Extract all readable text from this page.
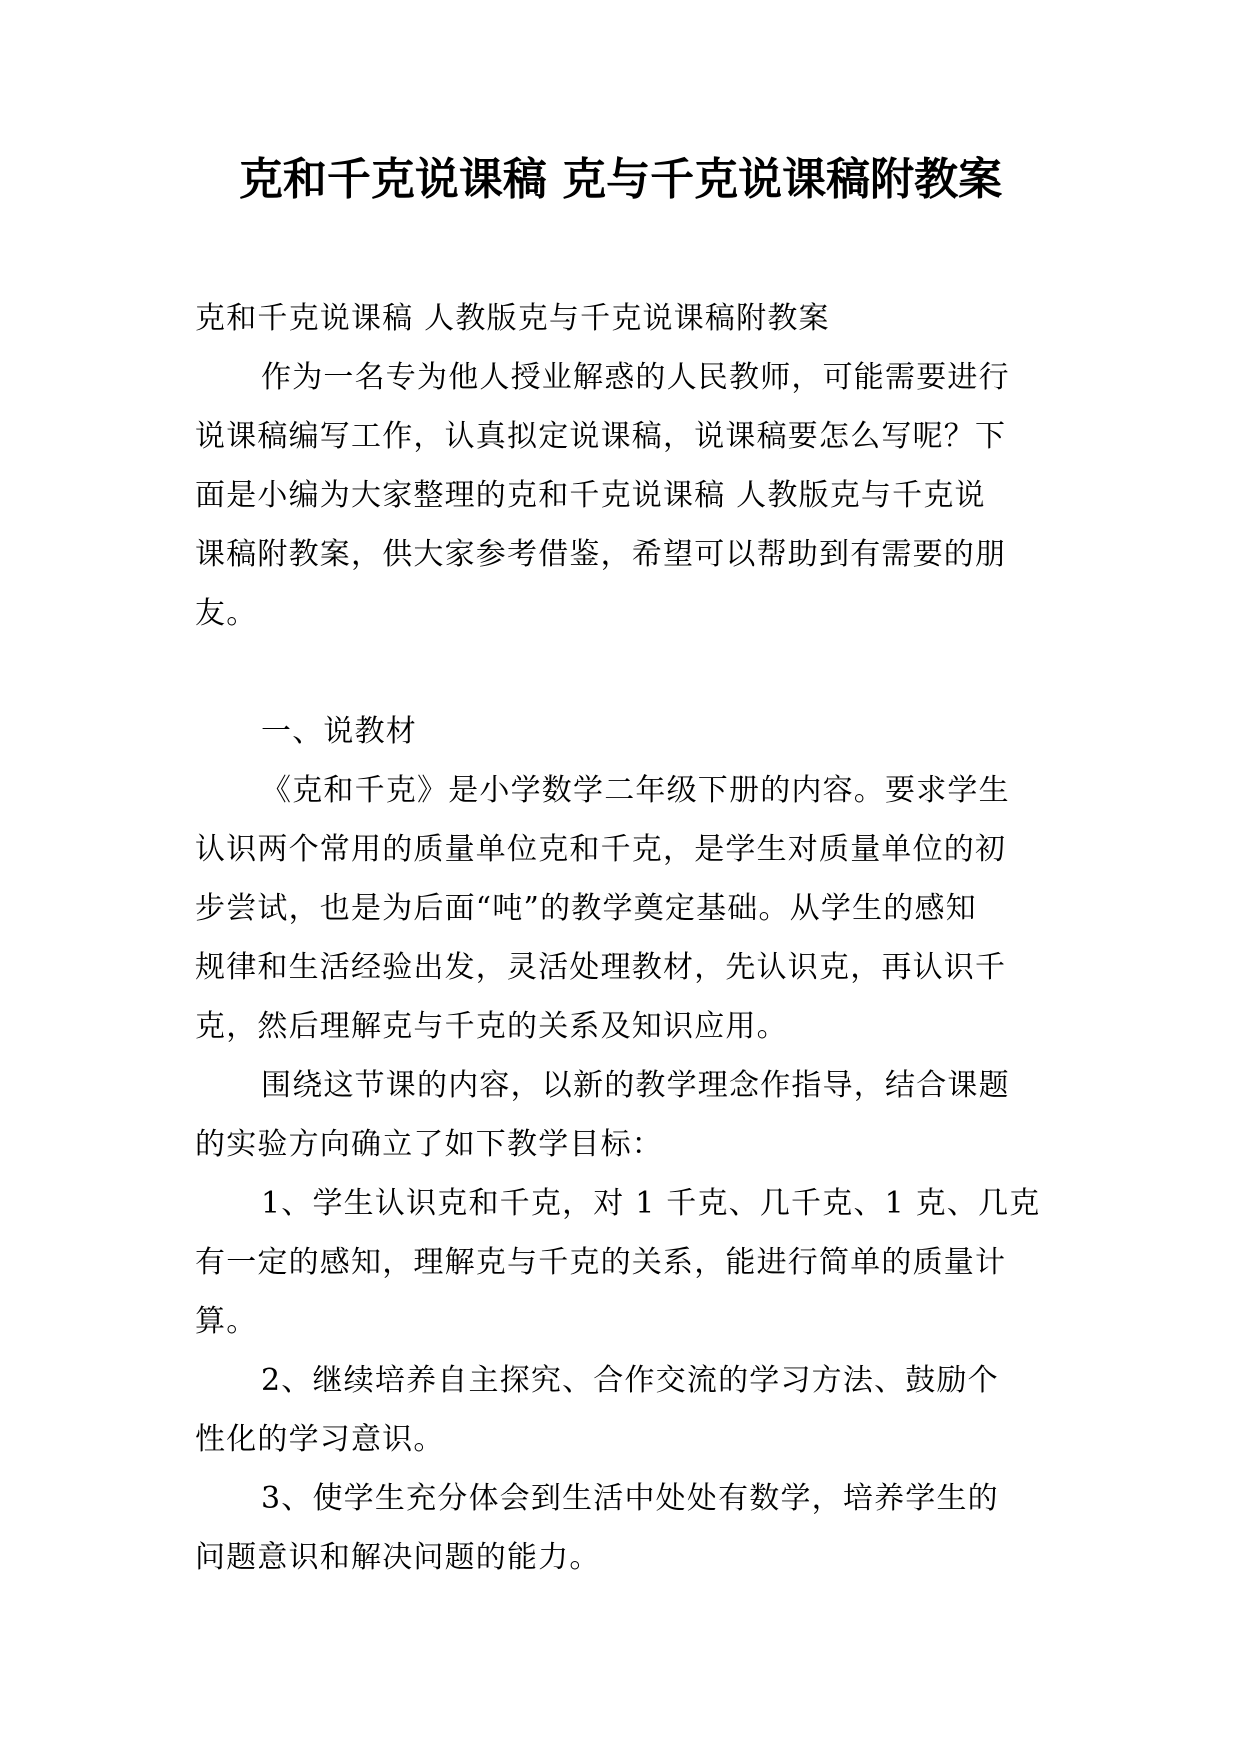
克和千克说课稿 克与千克说课稿附教案
克和千克说课稿 人教版克与千克说课稿附教案
作为一名专为他人授业解惑的人民教师，可能需要进行
说课稿编写工作，认真拟定说课稿，说课稿要怎么写呢？下
面是小编为大家整理的克和千克说课稿 人教版克与千克说
课稿附教案，供大家参考借鉴，希望可以帮助到有需要的朋
友。
一、说教材
《克和千克》是小学数学二年级下册的内容。要求学生
认识两个常用的质量单位克和千克，是学生对质量单位的初
步尝试，也是为后面“吨”的教学奠定基础。从学生的感知
规律和生活经验出发，灵活处理教材，先认识克，再认识千
克，然后理解克与千克的关系及知识应用。
围绕这节课的内容，以新的教学理念作指导，结合课题
的实验方向确立了如下教学目标：
1、学生认识克和千克，对 1 千克、几千克、1 克、几克
有一定的感知，理解克与千克的关系，能进行简单的质量计
算。
2、继续培养自主探究、合作交流的学习方法、鼓励个
性化的学习意识。
3、使学生充分体会到生活中处处有数学，培养学生的
问题意识和解决问题的能力。
